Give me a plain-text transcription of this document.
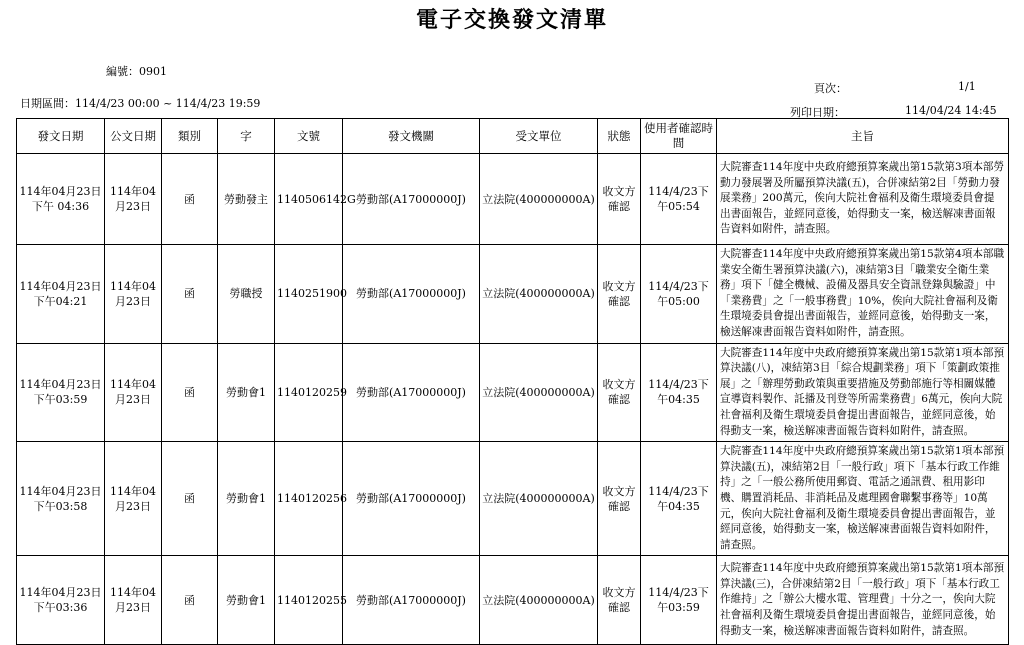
電子交換發文清單
編號：0901
日期區間：114/4/23 00:00 ~ 114/4/23 19:59
頁次：	1/1
列印日期：	114/04/24 14:45
發文日期	公文日期	類別	字	文號	發文機關	受文單位	狀態	使用者確認時間	主旨
114年04月23日下午 04:36	114年04月23日	函	勞動發主	1140506142G	勞動部(A17000000J)	立法院(400000000A)	收文方確認	114/4/23下午05:54	大院審查114年度中央政府總預算案歲出第15款第3項本部勞動力發展署及所屬預算決議(五)，合併凍結第2目「勞動力發展業務」200萬元，俟向大院社會福利及衛生環境委員會提出書面報告，並經同意後，始得動支一案，檢送解凍書面報告資料如附件，請查照。
114年04月23日下午04:21	114年04月23日	函	勞職授	1140251900	勞動部(A17000000J)	立法院(400000000A)	收文方確認	114/4/23下午05:00	大院審查114年度中央政府總預算案歲出第15款第4項本部職業安全衛生署預算決議(六)，凍結第3目「職業安全衛生業務」項下「健全機械、設備及器具安全資訊登錄與驗證」中「業務費」之「一般事務費」10%，俟向大院社會福利及衛生環境委員會提出書面報告，並經同意後，始得動支一案，檢送解凍書面報告資料如附件，請查照。
114年04月23日下午03:59	114年04月23日	函	勞動會1	1140120259	勞動部(A17000000J)	立法院(400000000A)	收文方確認	114/4/23下午04:35	大院審查114年度中央政府總預算案歲出第15款第1項本部預算決議(八)，凍結第3目「綜合規劃業務」項下「策劃政策推展」之「辦理勞動政策與重要措施及勞動部施行等相關媒體宣導資料製作、託播及刊登等所需業務費」6萬元，俟向大院社會福利及衛生環境委員會提出書面報告，並經同意後，始得動支一案，檢送解凍書面報告資料如附件，請查照。
114年04月23日下午03:58	114年04月23日	函	勞動會1	1140120256	勞動部(A17000000J)	立法院(400000000A)	收文方確認	114/4/23下午04:35	大院審查114年度中央政府總預算案歲出第15款第1項本部預算決議(五)，凍結第2目「一般行政」項下「基本行政工作維持」之「一般公務所使用郵資、電話之通訊費、租用影印機、購置消耗品、非消耗品及處理國會聯繫事務等」10萬元，俟向大院社會福利及衛生環境委員會提出書面報告，並經同意後，始得動支一案，檢送解凍書面報告資料如附件，請查照。
114年04月23日下午03:36	114年04月23日	函	勞動會1	1140120255	勞動部(A17000000J)	立法院(400000000A)	收文方確認	114/4/23下午03:59	大院審查114年度中央政府總預算案歲出第15款第1項本部預算決議(三)，合併凍結第2目「一般行政」項下「基本行政工作維持」之「辦公大樓水電、管理費」十分之一，俟向大院社會福利及衛生環境委員會提出書面報告，並經同意後，始得動支一案，檢送解凍書面報告資料如附件，請查照。
